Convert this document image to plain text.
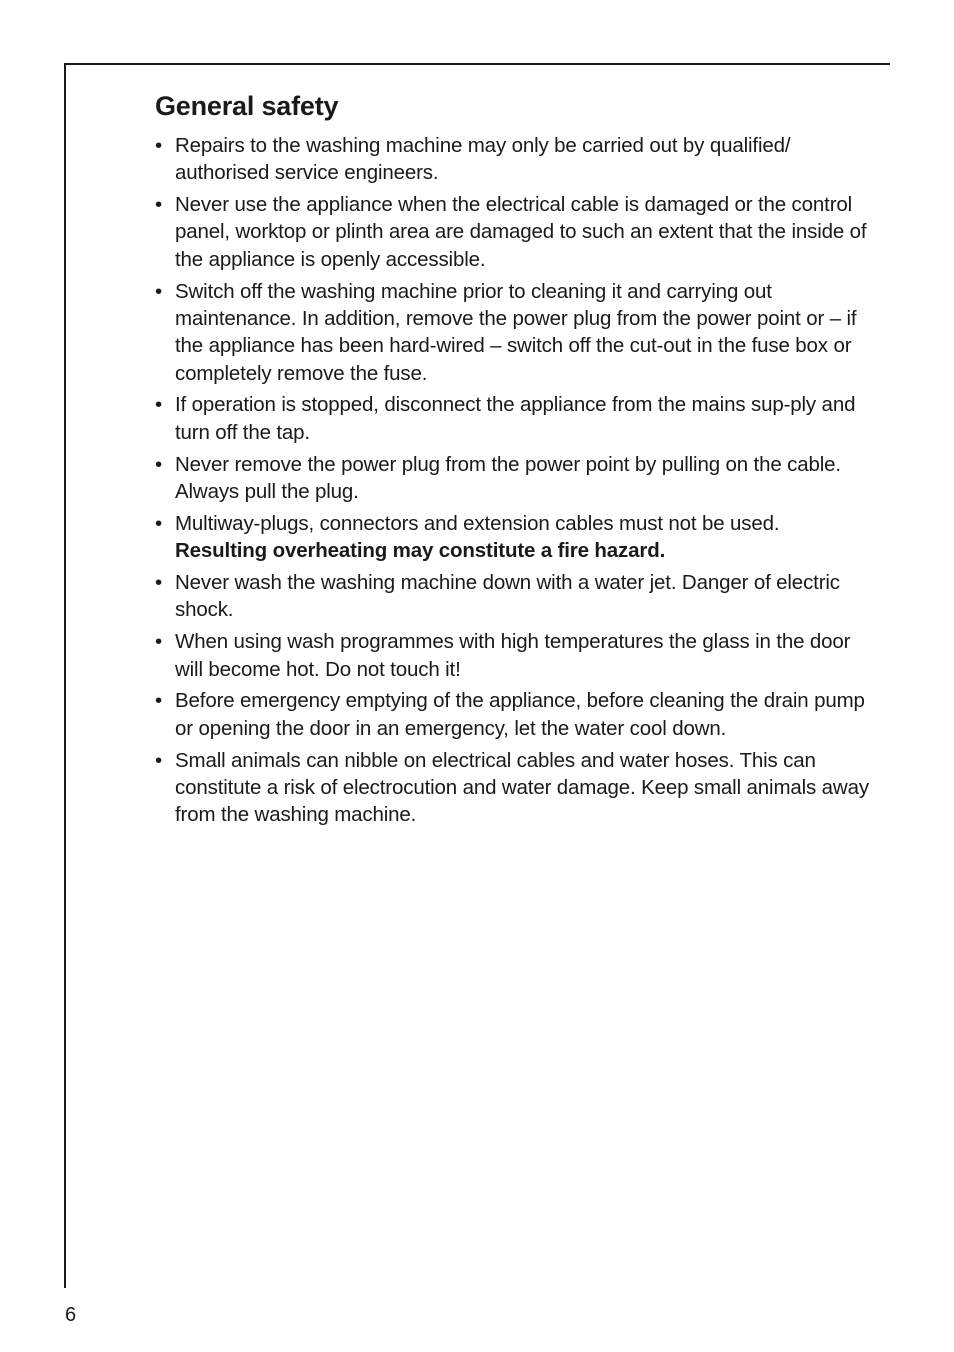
General safety
• Repairs to the washing machine may only be carried out by qualified/ authorised service engineers.
• Never use the appliance when the electrical cable is damaged or the control panel, worktop or plinth area are damaged to such an extent that the inside of the appliance is openly accessible.
• Switch off the washing machine prior to cleaning it and carrying out maintenance. In addition, remove the power plug from the power point or – if the appliance has been hard-wired – switch off the cut-out in the fuse box or completely remove the fuse.
• If operation is stopped, disconnect the appliance from the mains sup-ply and turn off the tap.
• Never remove the power plug from the power point by pulling on the cable. Always pull the plug.
• Multiway-plugs, connectors and extension cables must not be used.
Resulting overheating may constitute a fire hazard.
• Never wash the washing machine down with a water jet. Danger of electric shock.
• When using wash programmes with high temperatures the glass in the door will become hot. Do not touch it!
• Before emergency emptying of the appliance, before cleaning the drain pump or opening the door in an emergency, let the water cool down.
• Small animals can nibble on electrical cables and water hoses. This can constitute a risk of electrocution and water damage. Keep small animals away from the washing machine.
6
